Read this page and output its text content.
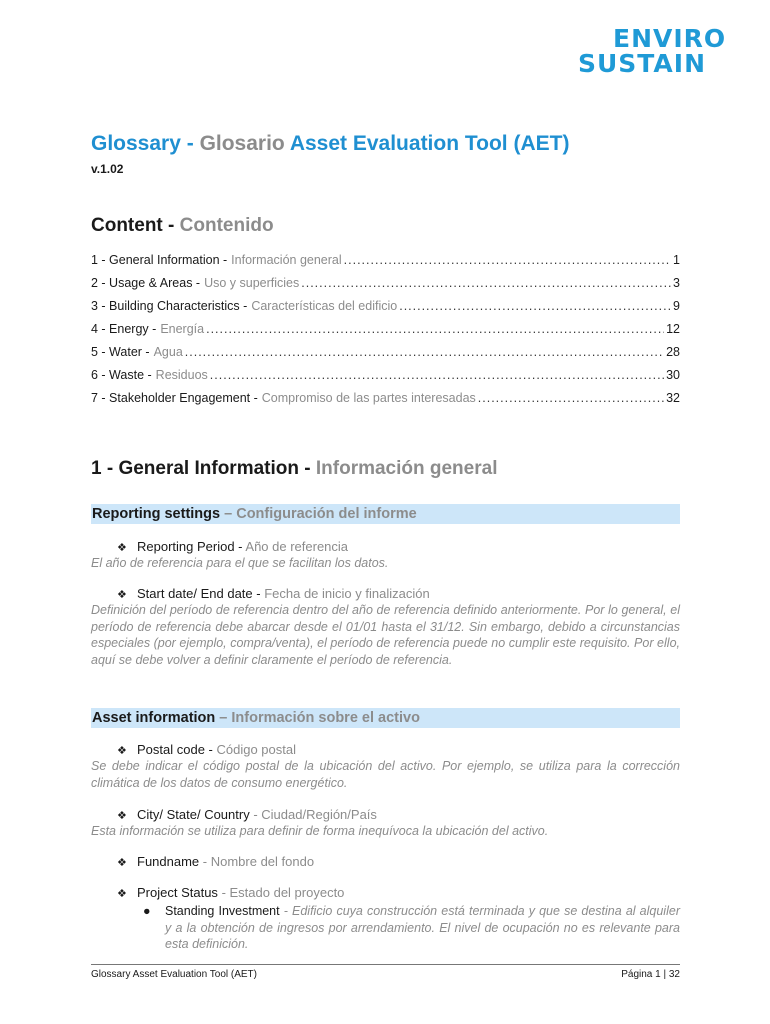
ENVIRO
SUSTAIN
Glossary - Glosario Asset Evaluation Tool (AET)
v.1.02
Content - Contenido
1 - General Information - Información general .....	1
2 - Usage & Areas - Uso y superficies .....	3
3 - Building Characteristics - Características del edificio .....	9
4 - Energy - Energía .....	12
5 - Water - Agua .....	28
6 - Waste - Residuos .....	30
7 - Stakeholder Engagement - Compromiso de las partes interesadas .....	32
1 - General Information - Información general
Reporting settings – Configuración del informe
❖ Reporting Period - Año de referencia
El año de referencia para el que se facilitan los datos.
❖ Start date/ End date - Fecha de inicio y finalización
Definición del período de referencia dentro del año de referencia definido anteriormente. Por lo general, el período de referencia debe abarcar desde el 01/01 hasta el 31/12. Sin embargo, debido a circunstancias especiales (por ejemplo, compra/venta), el período de referencia puede no cumplir este requisito. Por ello, aquí se debe volver a definir claramente el período de referencia.
Asset information – Información sobre el activo
❖ Postal code - Código postal
Se debe indicar el código postal de la ubicación del activo. Por ejemplo, se utiliza para la corrección climática de los datos de consumo energético.
❖ City/ State/ Country - Ciudad/Región/País
Esta información se utiliza para definir de forma inequívoca la ubicación del activo.
❖ Fundname - Nombre del fondo
❖ Project Status - Estado del proyecto
●	Standing Investment - Edificio cuya construcción está terminada y que se destina al alquiler y a la obtención de ingresos por arrendamiento. El nivel de ocupación no es relevante para esta definición.
Glossary Asset Evaluation Tool (AET)	Página 1 | 32
